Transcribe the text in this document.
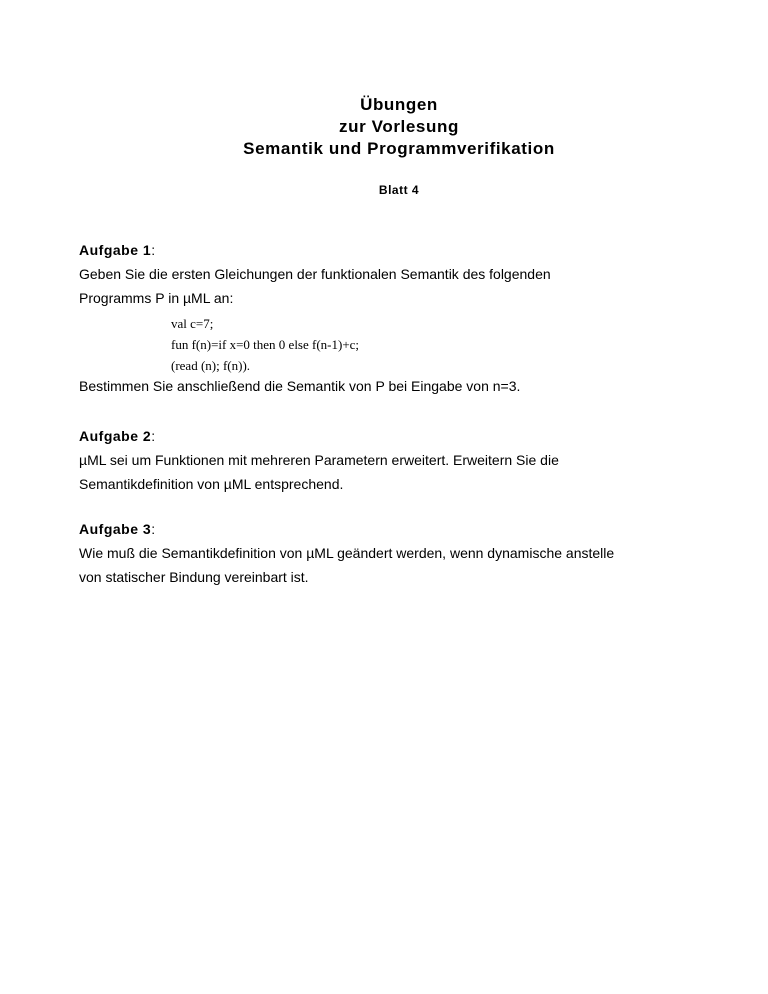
Übungen
zur Vorlesung
Semantik und Programmverifikation
Blatt 4
Aufgabe 1:
Geben Sie die ersten Gleichungen der funktionalen Semantik des folgenden
Programms P in µML an:
val c=7;
fun f(n)=if x=0 then 0 else f(n-1)+c;
(read (n); f(n)).
Bestimmen Sie anschließend die Semantik von P bei Eingabe von n=3.
Aufgabe 2:
µML sei um Funktionen mit mehreren Parametern erweitert. Erweitern Sie die
Semantikdefinition von µML entsprechend.
Aufgabe 3:
Wie muß die Semantikdefinition von µML geändert werden, wenn dynamische anstelle
von statischer Bindung vereinbart ist.
